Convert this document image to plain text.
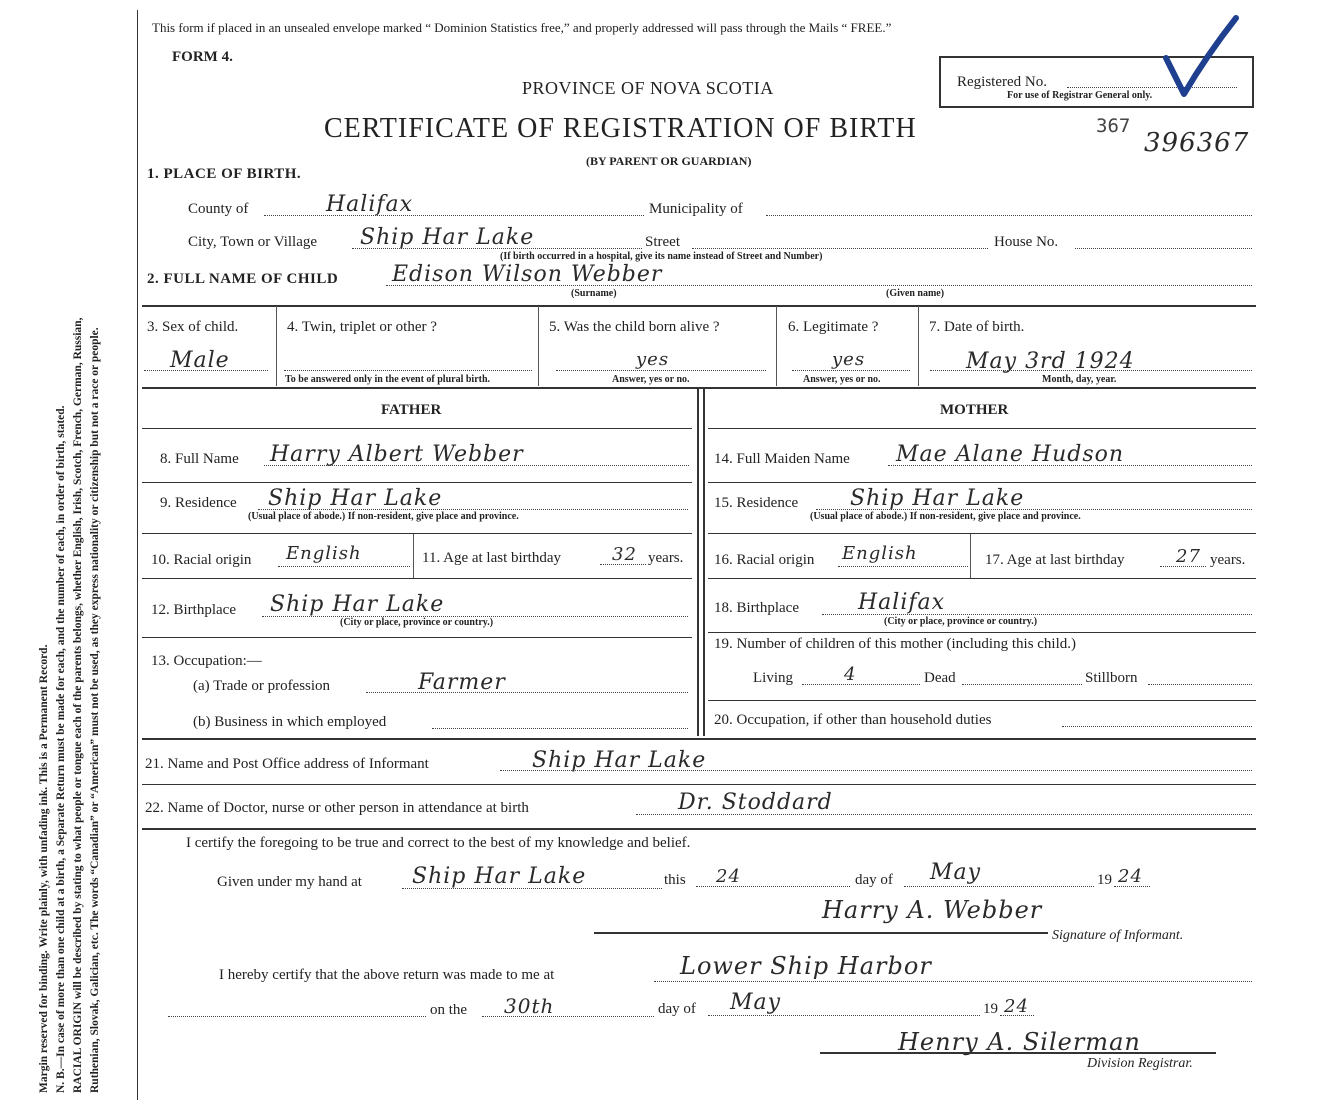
Margin reserved for binding. Write plainly, with unfading ink. This is a Permanent Record. N. B.—In case of more than one child at a birth, a Separate Return must be made for each, and the number of each, in order of birth, stated. RACIAL ORIGIN will be described by stating to what people or tongue each of the parents belongs, whether English, Irish, Scotch, French, German, Russian, Ruthenian, Slovak, Galician, etc. The words “Canadian” or “American” must not be used, as they express nationality or citizenship but not a race or people.
This form if placed in an unsealed envelope marked “ Dominion Statistics free,” and properly addressed will pass through the Mails “ FREE.”
FORM 4.
PROVINCE OF NOVA SCOTIA
CERTIFICATE OF REGISTRATION OF BIRTH
(BY PARENT OR GUARDIAN)
Registered No.
For use of Registrar General only.
367
396367
1. PLACE OF BIRTH.
County of	Halifax	Municipality of
City, Town or Village Ship Har Lake	Street	House No.
(If birth occurred in a hospital, give its name instead of Street and Number)
2. FULL NAME OF CHILD Edison Wilson Webber
(Surname)	(Given name)
3. Sex of child.
Male
4. Twin, triplet or other ?
To be answered only in the event of plural birth.
5. Was the child born alive ?
yes
Answer, yes or no.
6. Legitimate ?
yes
Answer, yes or no.
7. Date of birth.
May 3rd 1924
Month, day, year.
FATHER	MOTHER
8. Full Name Harry Albert Webber
9. Residence Ship Har Lake
(Usual place of abode.) If non-resident, give place and province.
10. Racial origin English	11. Age at last birthday	32 years.
12. Birthplace Ship Har Lake
(City or place, province or country.)
13. Occupation:—
(a) Trade or profession	Farmer
(b) Business in which employed
14. Full Maiden Name Mae Alane Hudson
15. Residence Ship Har Lake
(Usual place of abode.) If non-resident, give place and province.
16. Racial origin English	17. Age at last birthday	27 years.
18. Birthplace	Halifax
(City or place, province or country.)
19. Number of children of this mother (including this child.)
Living	4	Dead	Stillborn
20. Occupation, if other than household duties
21. Name and Post Office address of Informant	Ship Har Lake
22. Name of Doctor, nurse or other person in attendance at birth	Dr. Stoddard
I certify the foregoing to be true and correct to the best of my knowledge and belief.
Given under my hand at Ship Har Lake	this 24	day of May	19 24
Harry A. Webber
Signature of Informant.
I hereby certify that the above return was made to me at	Lower Ship Harbor
on the 30th	day of May	19 24
Henry A. Silerman
Division Registrar.
